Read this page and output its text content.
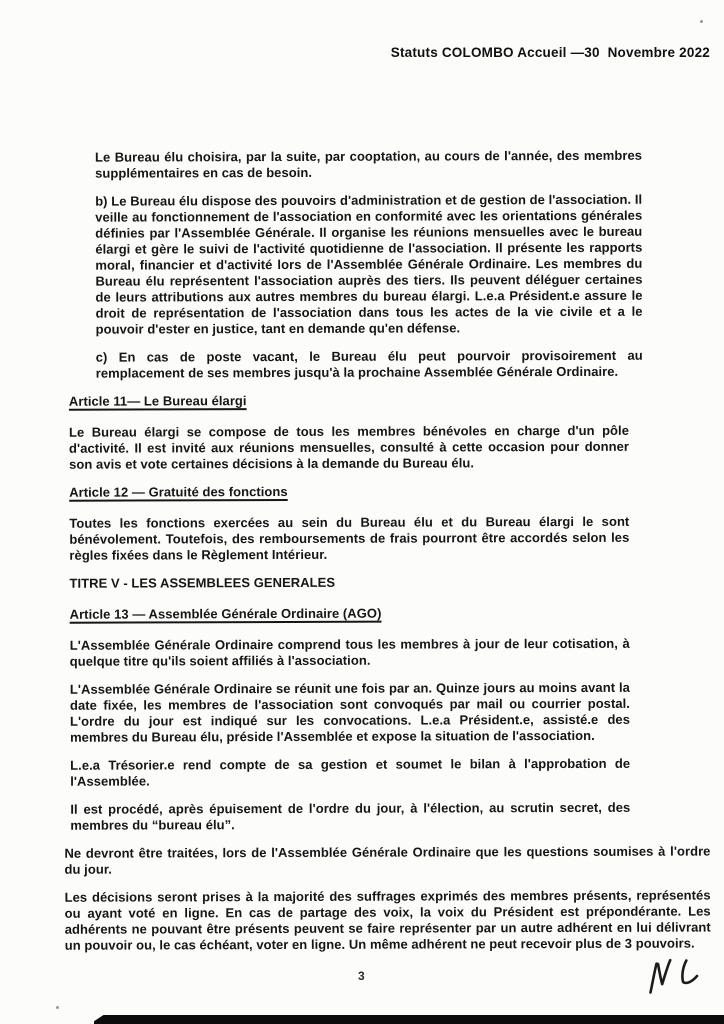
Statuts COLOMBO Accueil —30  Novembre 2022

Le Bureau élu choisira, par la suite, par cooptation, au cours de l'année, des membres supplémentaires en cas de besoin.

b) Le Bureau élu dispose des pouvoirs d'administration et de gestion de l'association. Il veille au fonctionnement de l'association en conformité avec les orientations générales définies par l'Assemblée Générale. Il organise les réunions mensuelles avec le bureau élargi et gère le suivi de l'activité quotidienne de l'association. Il présente les rapports moral, financier et d'activité lors de l'Assemblée Générale Ordinaire. Les membres du Bureau élu représentent l'association auprès des tiers. Ils peuvent déléguer certaines de leurs attributions aux autres membres du bureau élargi. L.e.a Président.e assure le droit de représentation de l'association dans tous les actes de la vie civile et a le pouvoir d'ester en justice, tant en demande qu'en défense.

c) En cas de poste vacant, le Bureau élu peut pourvoir provisoirement au remplacement de ses membres jusqu'à la prochaine Assemblée Générale Ordinaire.

Article 11— Le Bureau élargi

Le Bureau élargi se compose de tous les membres bénévoles en charge d'un pôle d'activité. Il est invité aux réunions mensuelles, consulté à cette occasion pour donner son avis et vote certaines décisions à la demande du Bureau élu.

Article 12 — Gratuité des fonctions

Toutes les fonctions exercées au sein du Bureau élu et du Bureau élargi le sont bénévolement. Toutefois, des remboursements de frais pourront être accordés selon les règles fixées dans le Règlement Intérieur.

TITRE V - LES ASSEMBLEES GENERALES
Article 13 — Assemblée Générale Ordinaire (AGO)

L'Assemblée Générale Ordinaire comprend tous les membres à jour de leur cotisation, à quelque titre qu'ils soient affiliés à l'association.

L'Assemblée Générale Ordinaire se réunit une fois par an. Quinze jours au moins avant la date fixée, les membres de l'association sont convoqués par mail ou courrier postal. L'ordre du jour est indiqué sur les convocations. L.e.a Président.e, assisté.e des membres du Bureau élu, préside l'Assemblée et expose la situation de l'association.

L.e.a Trésorier.e rend compte de sa gestion et soumet le bilan à l'approbation de l'Assemblée.

Il est procédé, après épuisement de l'ordre du jour, à l'élection, au scrutin secret, des membres du “bureau élu”.

Ne devront être traitées, lors de l'Assemblée Générale Ordinaire que les questions soumises à l'ordre du jour.

Les décisions seront prises à la majorité des suffrages exprimés des membres présents, représentés ou ayant voté en ligne. En cas de partage des voix, la voix du Président est prépondérante. Les adhérents ne pouvant être présents peuvent se faire représenter par un autre adhérent en lui délivrant un pouvoir ou, le cas échéant, voter en ligne. Un même adhérent ne peut recevoir plus de 3 pouvoirs.

3
